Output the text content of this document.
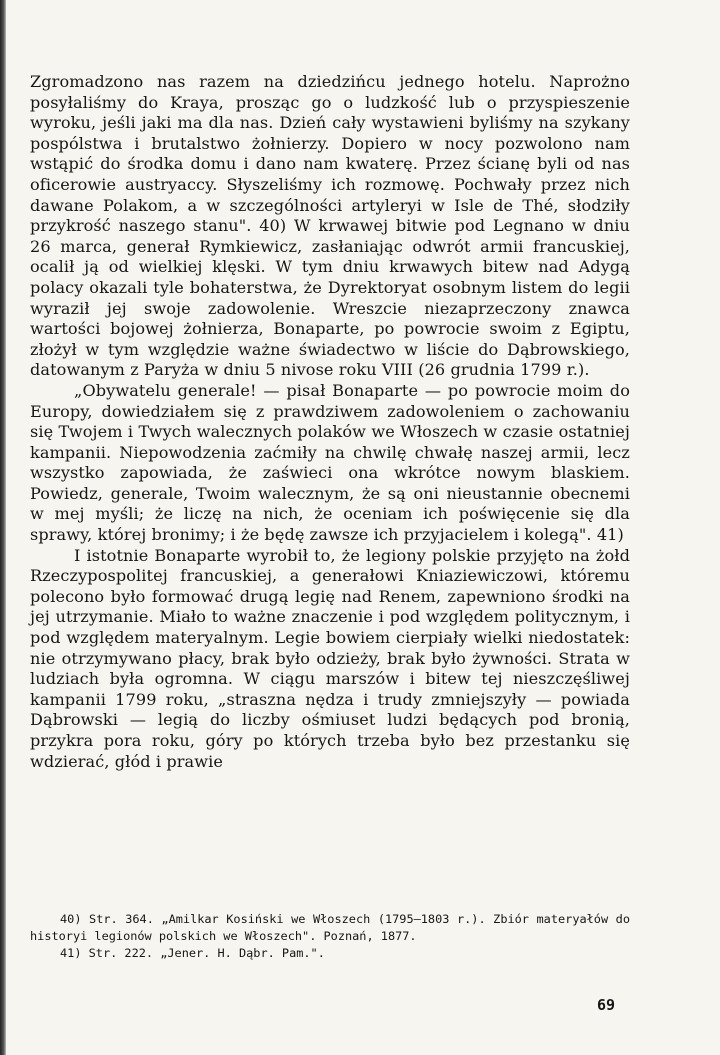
Zgromadzono nas razem na dziedzińcu jednego hotelu. Naprożno posyłaliśmy do Kraya, prosząc go o ludzkość lub o przyspieszenie wyroku, jeśli jaki ma dla nas. Dzień cały wystawieni byliśmy na szykany pospólstwa i brutalstwo żołnierzy. Dopiero w nocy pozwolono nam wstąpić do środka domu i dano nam kwaterę. Przez ścianę byli od nas oficerowie austryaccy. Słyszeliśmy ich rozmowę. Pochwały przez nich dawane Polakom, a w szczególności artyleryi w Isle de Thé, słodziły przykrość naszego stanu". 40) W krwawej bitwie pod Legnano w dniu 26 marca, generał Rymkiewicz, zasłaniając odwrót armii francuskiej, ocalił ją od wielkiej klęski. W tym dniu krwawych bitew nad Adygą polacy okazali tyle bohaterstwa, że Dyrektoryat osobnym listem do legii wyraził jej swoje zadowolenie. Wreszcie niezaprzeczony znawca wartości bojowej żołnierza, Bonaparte, po powrocie swoim z Egiptu, złożył w tym względzie ważne świadectwo w liście do Dąbrowskiego, datowanym z Paryża w dniu 5 nivose roku VIII (26 grudnia 1799 r.).

„Obywatelu generale! — pisał Bonaparte — po powrocie moim do Europy, dowiedziałem się z prawdziwem zadowoleniem o zachowaniu się Twojem i Twych walecznych polaków we Włoszech w czasie ostatniej kampanii. Niepowodzenia zaćmiły na chwilę chwałę naszej armii, lecz wszystko zapowiada, że zaświeci ona wkrótce nowym blaskiem. Powiedz, generale, Twoim walecznym, że są oni nieustannie obecnemi w mej myśli; że liczę na nich, że oceniam ich poświęcenie się dla sprawy, której bronimy; i że będę zawsze ich przyjacielem i kolegą". 41)

I istotnie Bonaparte wyrobił to, że legiony polskie przyjęto na żołd Rzeczypospolitej francuskiej, a generałowi Kniaziewiczowi, któremu polecono było formować drugą legię nad Renem, zapewniono środki na jej utrzymanie. Miało to ważne znaczenie i pod względem politycznym, i pod względem materyalnym. Legie bowiem cierpiały wielki niedostatek: nie otrzymywano płacy, brak było odzieży, brak było żywności. Strata w ludziach była ogromna. W ciągu marszów i bitew tej nieszczęśliwej kampanii 1799 roku, „straszna nędza i trudy zmniejszyły — powiada Dąbrowski — legią do liczby ośmiuset ludzi będących pod bronią, przykra pora roku, góry po których trzeba było bez przestanku się wdzierać, głód i prawie

40) Str. 364. „Amilkar Kosiński we Włoszech (1795—1803 r.). Zbiór materyałów do historyi legionów polskich we Włoszech". Poznań, 1877.

41) Str. 222. „Jener. H. Dąbr. Pam.".

69
